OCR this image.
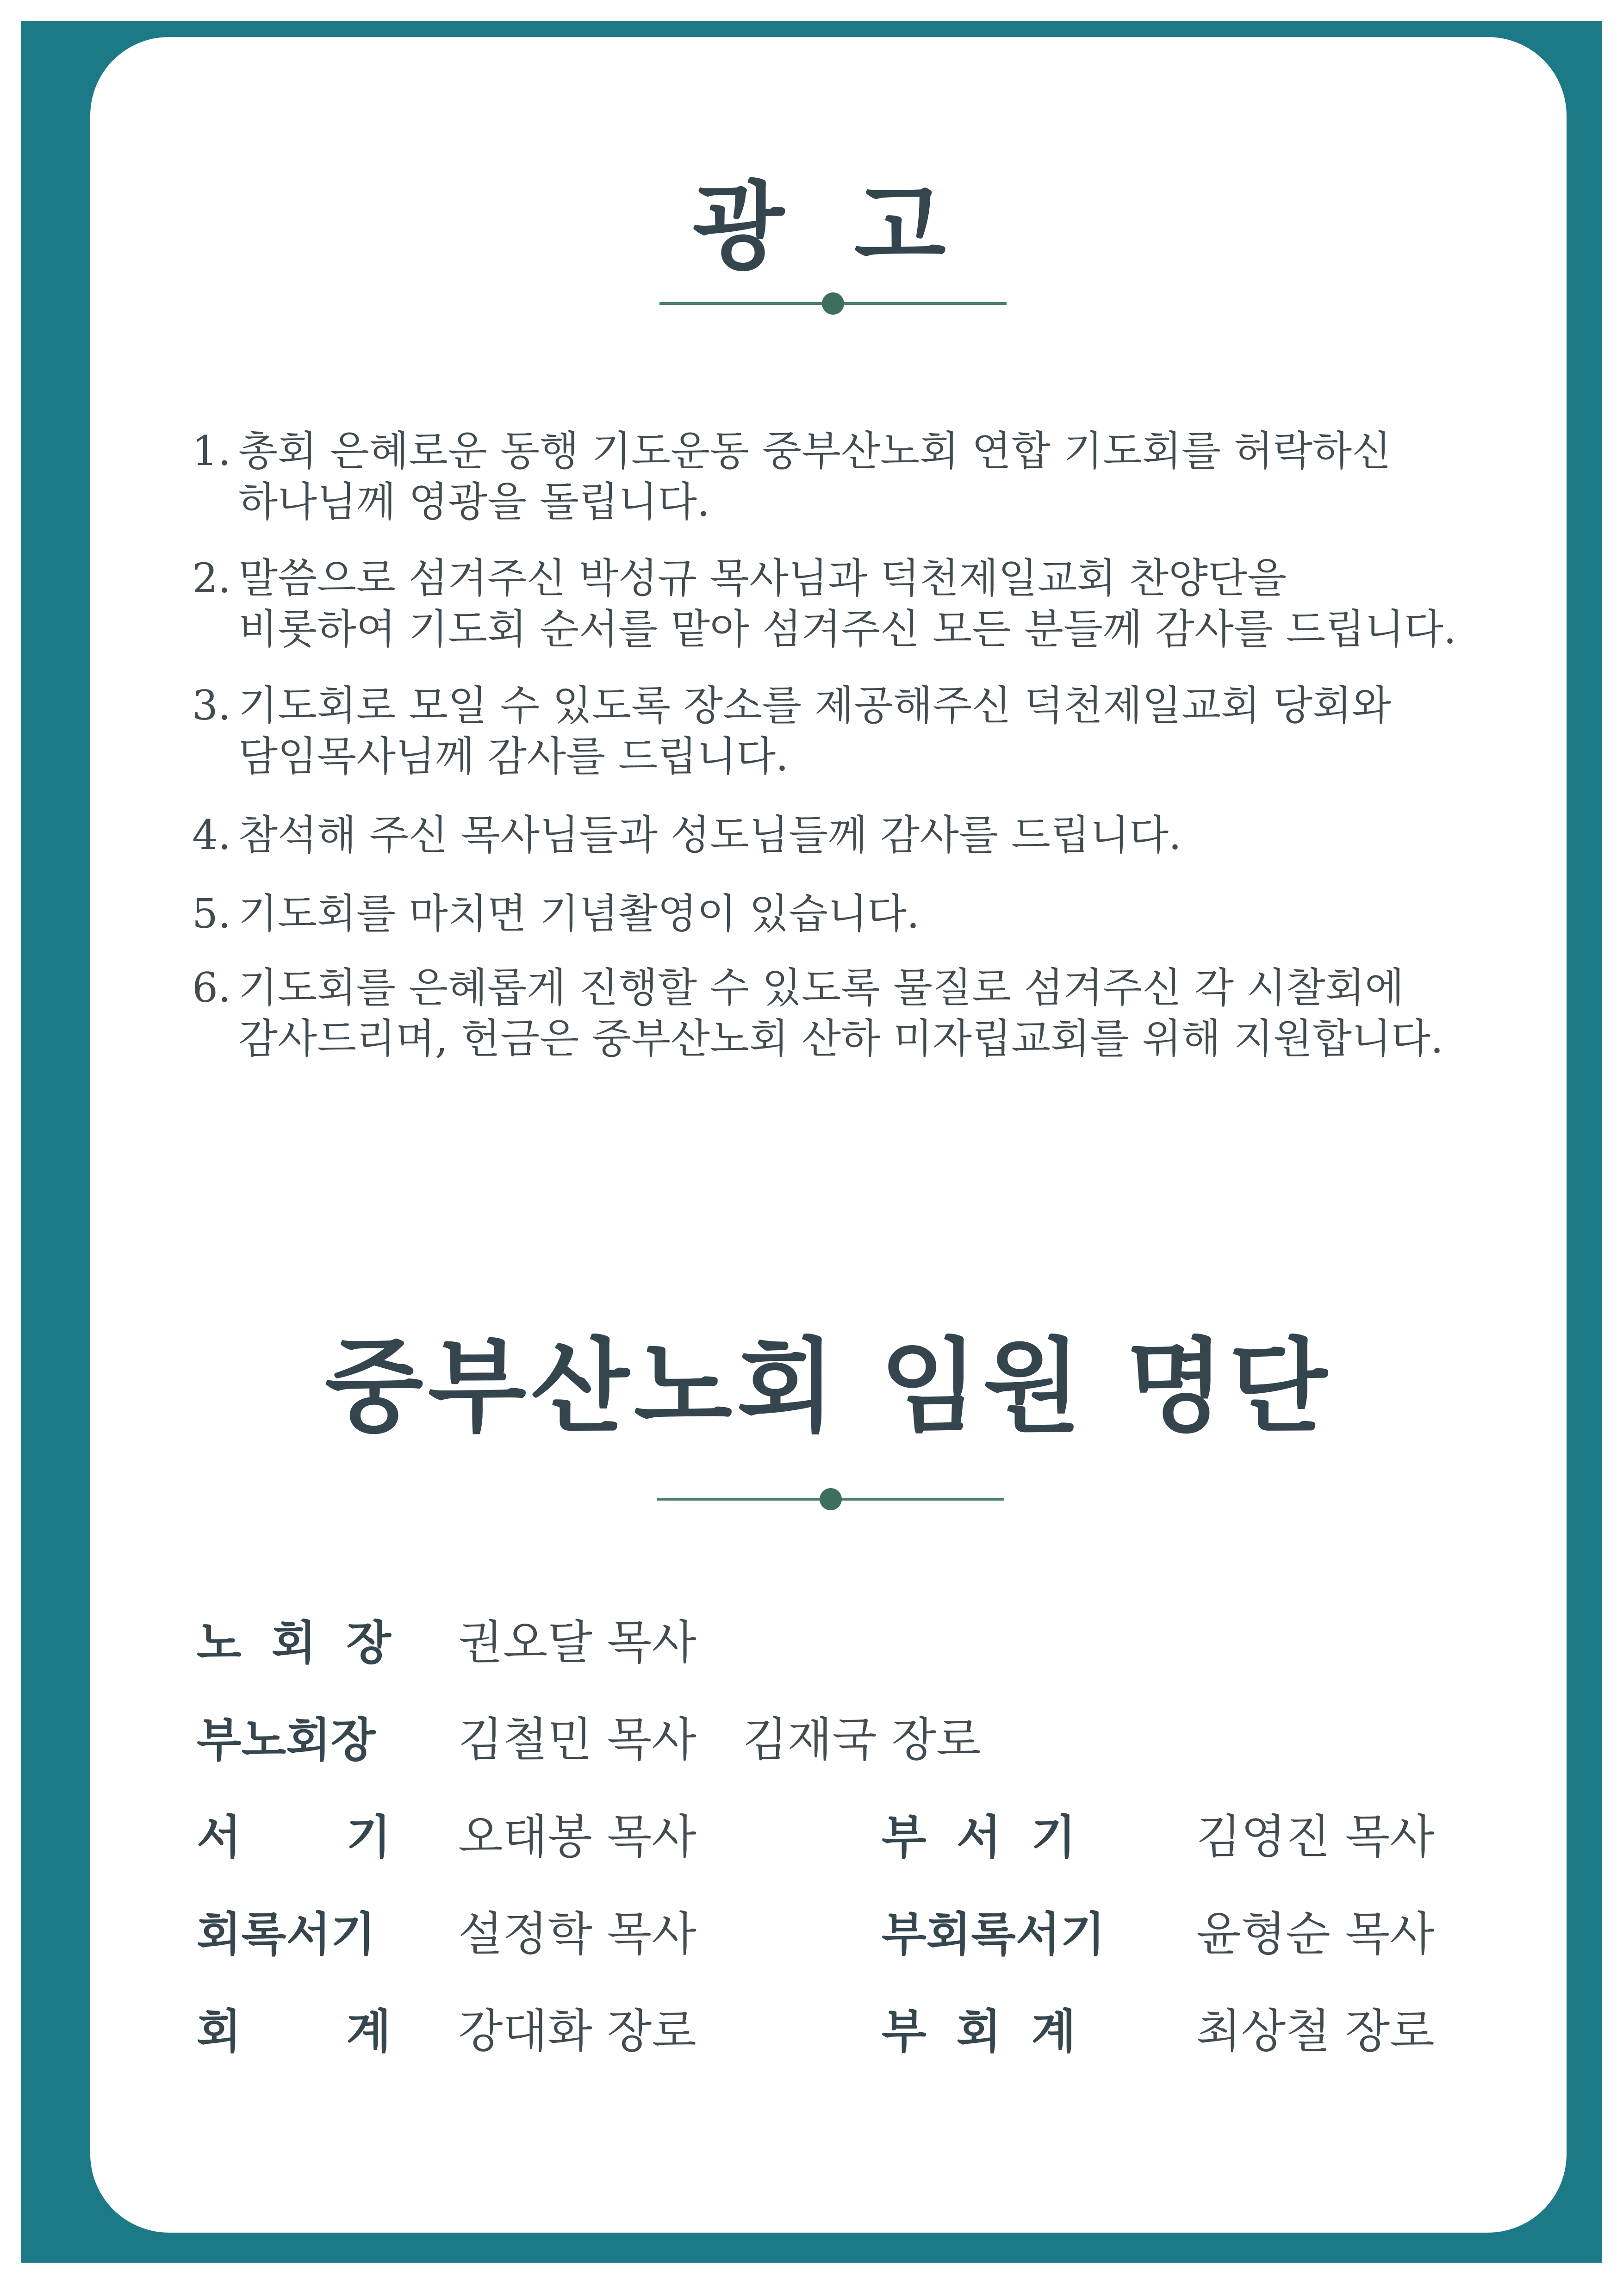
광 고
1. 총회 은혜로운 동행 기도운동 중부산노회 연합 기도회를 허락하신
하나님께 영광을 돌립니다.
2. 말씀으로 섬겨주신 박성규 목사님과 덕천제일교회 찬양단을
비롯하여 기도회 순서를 맡아 섬겨주신 모든 분들께 감사를 드립니다.
3. 기도회로 모일 수 있도록 장소를 제공해주신 덕천제일교회 당회와
담임목사님께 감사를 드립니다.
4. 참석해 주신 목사님들과 성도님들께 감사를 드립니다.
5. 기도회를 마치면 기념촬영이 있습니다.
6. 기도회를 은혜롭게 진행할 수 있도록 물질로 섬겨주신 각 시찰회에
감사드리며, 헌금은 중부산노회 산하 미자립교회를 위해 지원합니다.
중부산노회 임원 명단
노 회 장 권오달 목사
부노회장	김철민 목사 김재국 장로
서 기 오태봉 목사	부 서 기	김영진 목사
회록서기	설정학 목사	부회록서기 윤형순 목사
회 계 강대화 장로	부 회 계	최상철 장로
